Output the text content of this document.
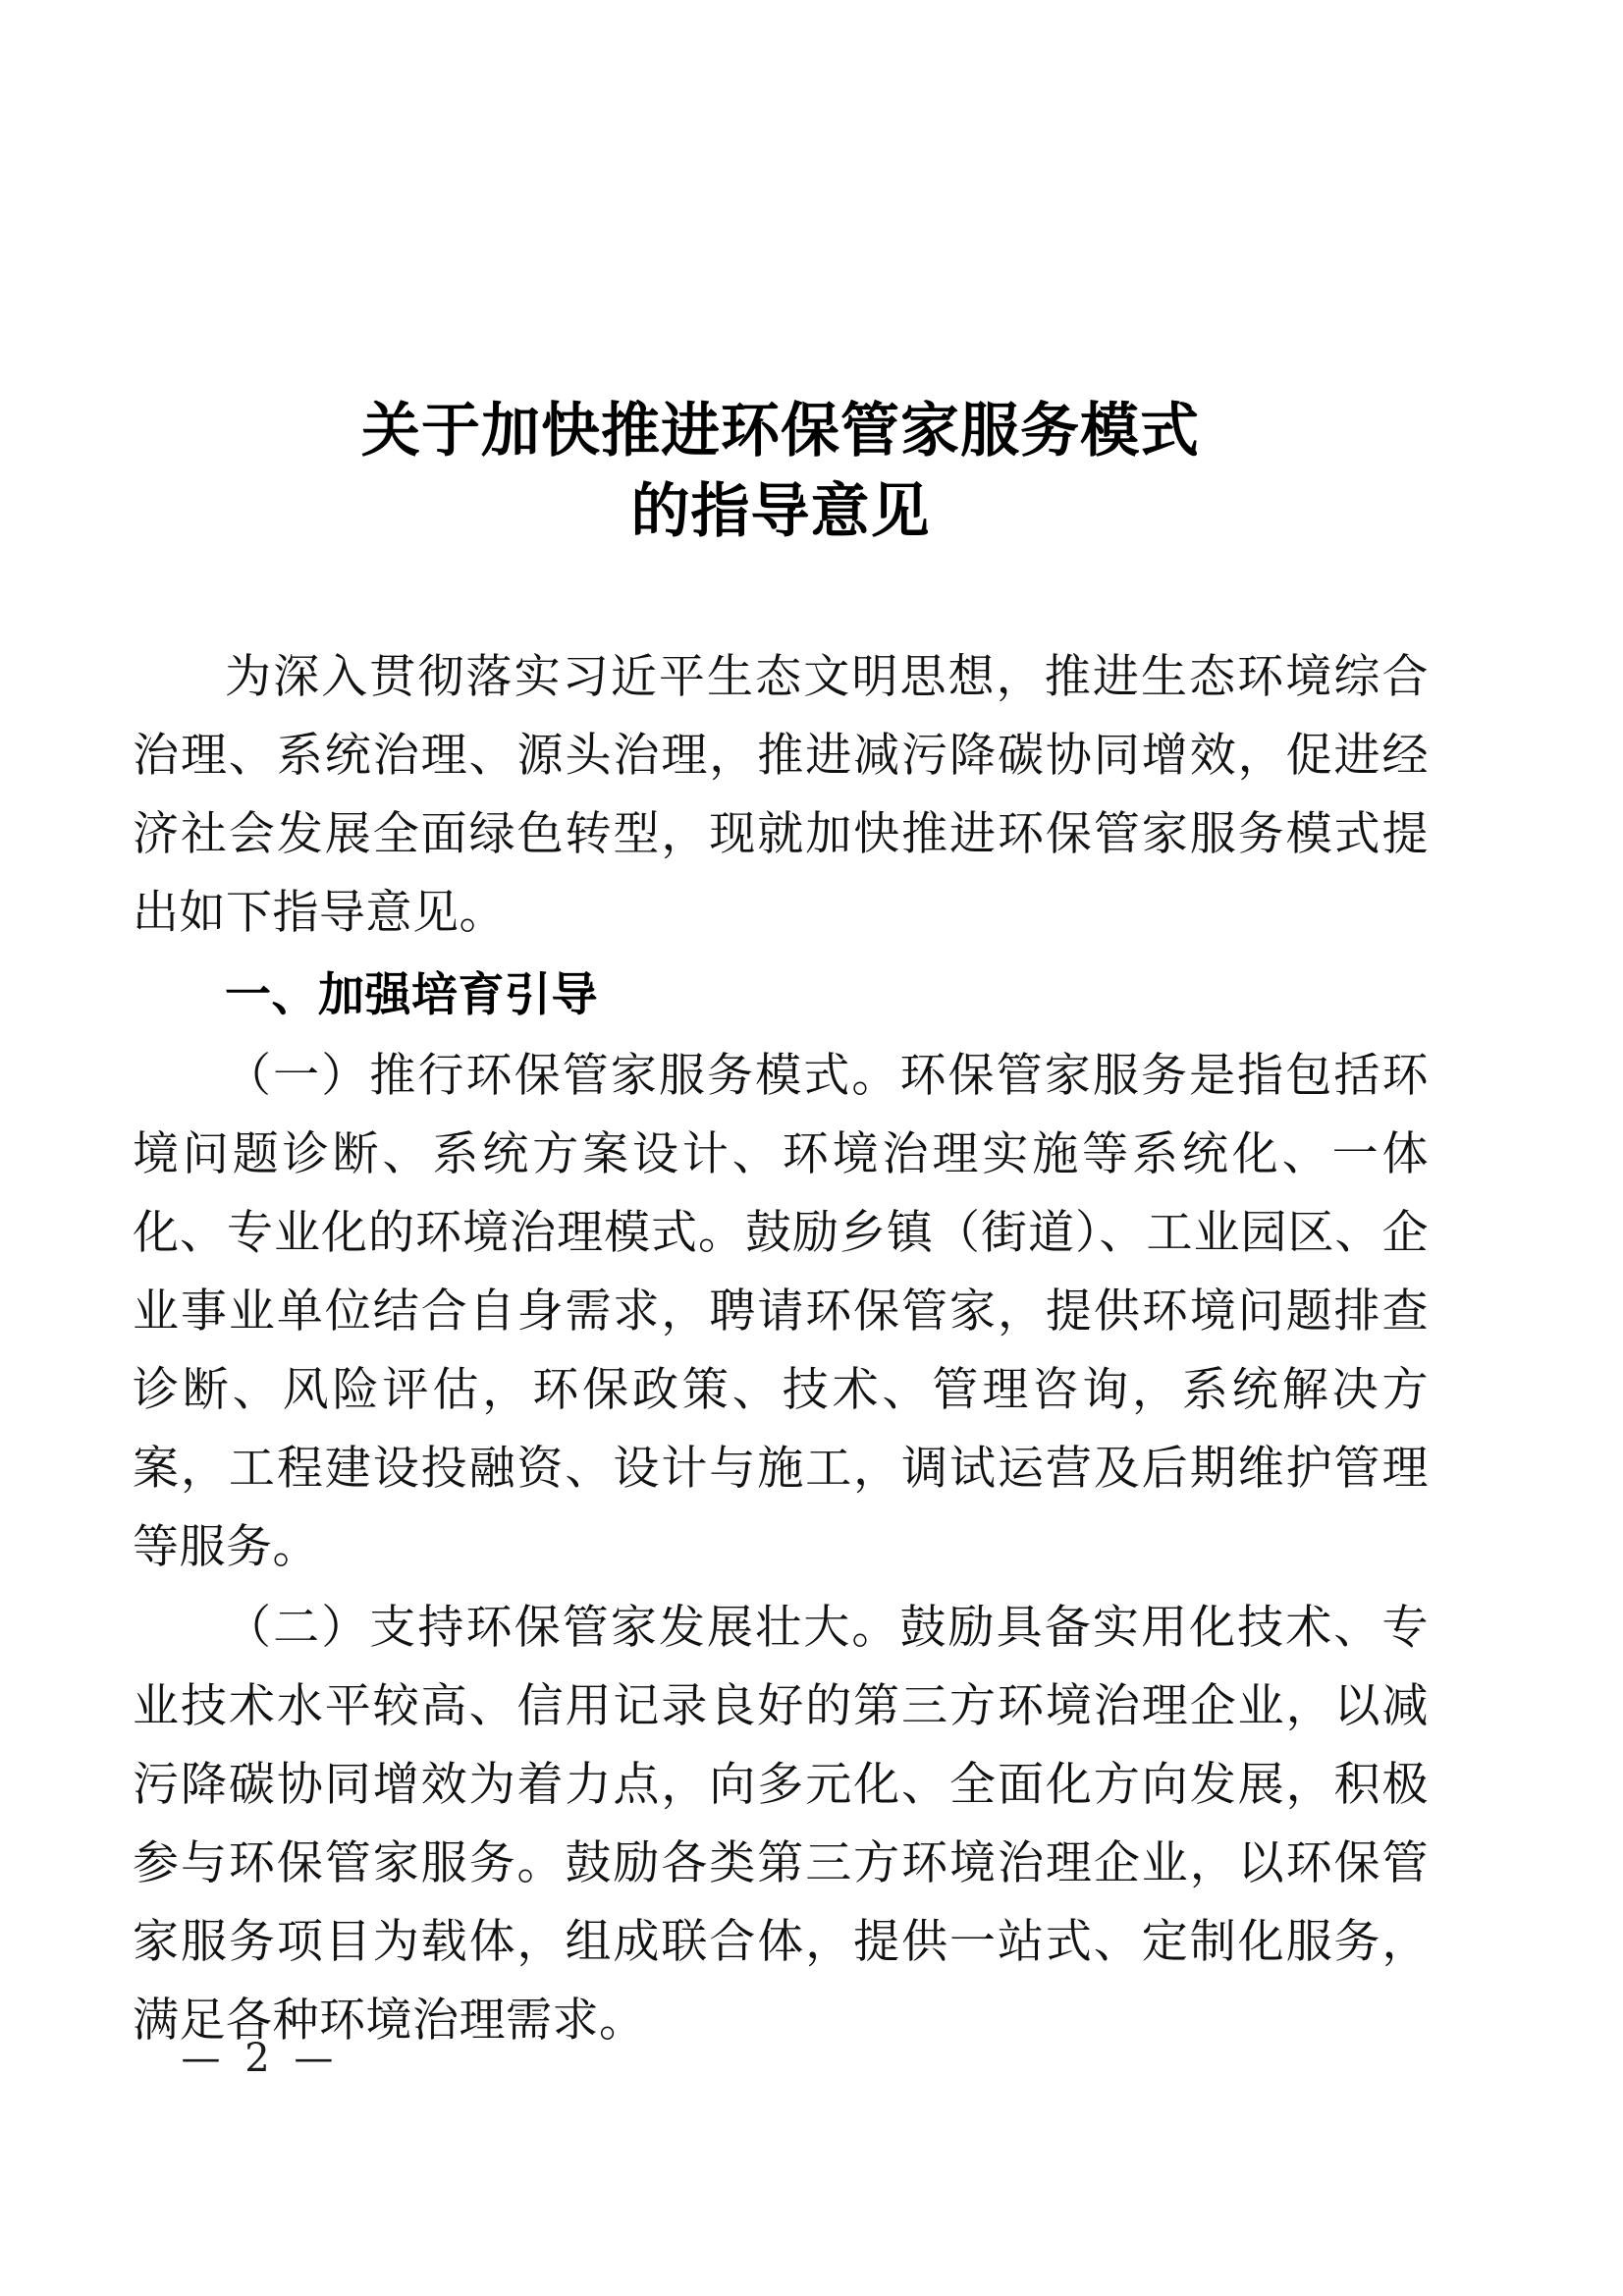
关于加快推进环保管家服务模式
的指导意见

为深入贯彻落实习近平生态文明思想，推进生态环境综合治理、系统治理、源头治理，推进减污降碳协同增效，促进经济社会发展全面绿色转型，现就加快推进环保管家服务模式提出如下指导意见。

一、加强培育引导

（一）推行环保管家服务模式。环保管家服务是指包括环境问题诊断、系统方案设计、环境治理实施等系统化、一体化、专业化的环境治理模式。鼓励乡镇（街道）、工业园区、企业事业单位结合自身需求，聘请环保管家，提供环境问题排查诊断、风险评估，环保政策、技术、管理咨询，系统解决方案，工程建设投融资、设计与施工，调试运营及后期维护管理等服务。

（二）支持环保管家发展壮大。鼓励具备实用化技术、专业技术水平较高、信用记录良好的第三方环境治理企业，以减污降碳协同增效为着力点，向多元化、全面化方向发展，积极参与环保管家服务。鼓励各类第三方环境治理企业，以环保管家服务项目为载体，组成联合体，提供一站式、定制化服务，满足各种环境治理需求。

— 2 —
